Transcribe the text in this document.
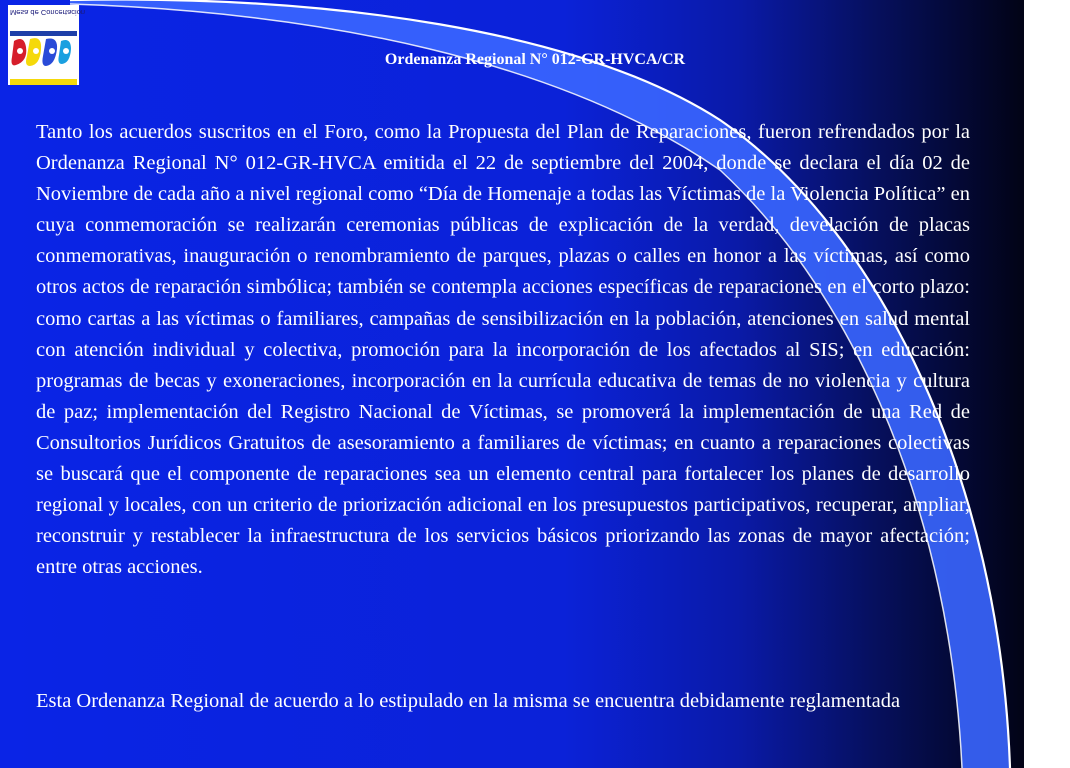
Mesa de Concertacion
Ordenanza Regional N° 012-GR-HVCA/CR

Tanto los acuerdos suscritos en el Foro, como la Propuesta del Plan de Reparaciones, fueron refrendados por la Ordenanza Regional N° 012-GR-HVCA emitida el 22 de septiembre del 2004, donde se declara el día 02 de Noviembre de cada año a nivel regional como “Día de Homenaje a todas las Víctimas de la Violencia Política” en cuya conmemoración se realizarán ceremonias públicas de explicación de la verdad, develación de placas conmemorativas, inauguración o renombramiento de parques, plazas o calles en honor a las víctimas, así como otros actos de reparación simbólica; también se contempla acciones específicas de reparaciones en el corto plazo: como cartas a las víctimas o familiares, campañas de sensibilización en la población, atenciones en salud mental con atención individual y colectiva, promoción para la incorporación de los afectados al SIS; en educación: programas de becas y exoneraciones, incorporación en la currícula educativa de temas de no violencia y cultura de paz; implementación del Registro Nacional de Víctimas, se promoverá la implementación de una Red de Consultorios Jurídicos Gratuitos de asesoramiento a familiares de víctimas; en cuanto a reparaciones colectivas se buscará que el componente de reparaciones sea un elemento central para fortalecer los planes de desarrollo regional y locales, con un criterio de priorización adicional en los presupuestos participativos, recuperar, ampliar, reconstruir y restablecer la infraestructura de los servicios básicos priorizando las zonas de mayor afectación; entre otras acciones.

Esta Ordenanza Regional de acuerdo a lo estipulado en la misma se encuentra debidamente reglamentada
